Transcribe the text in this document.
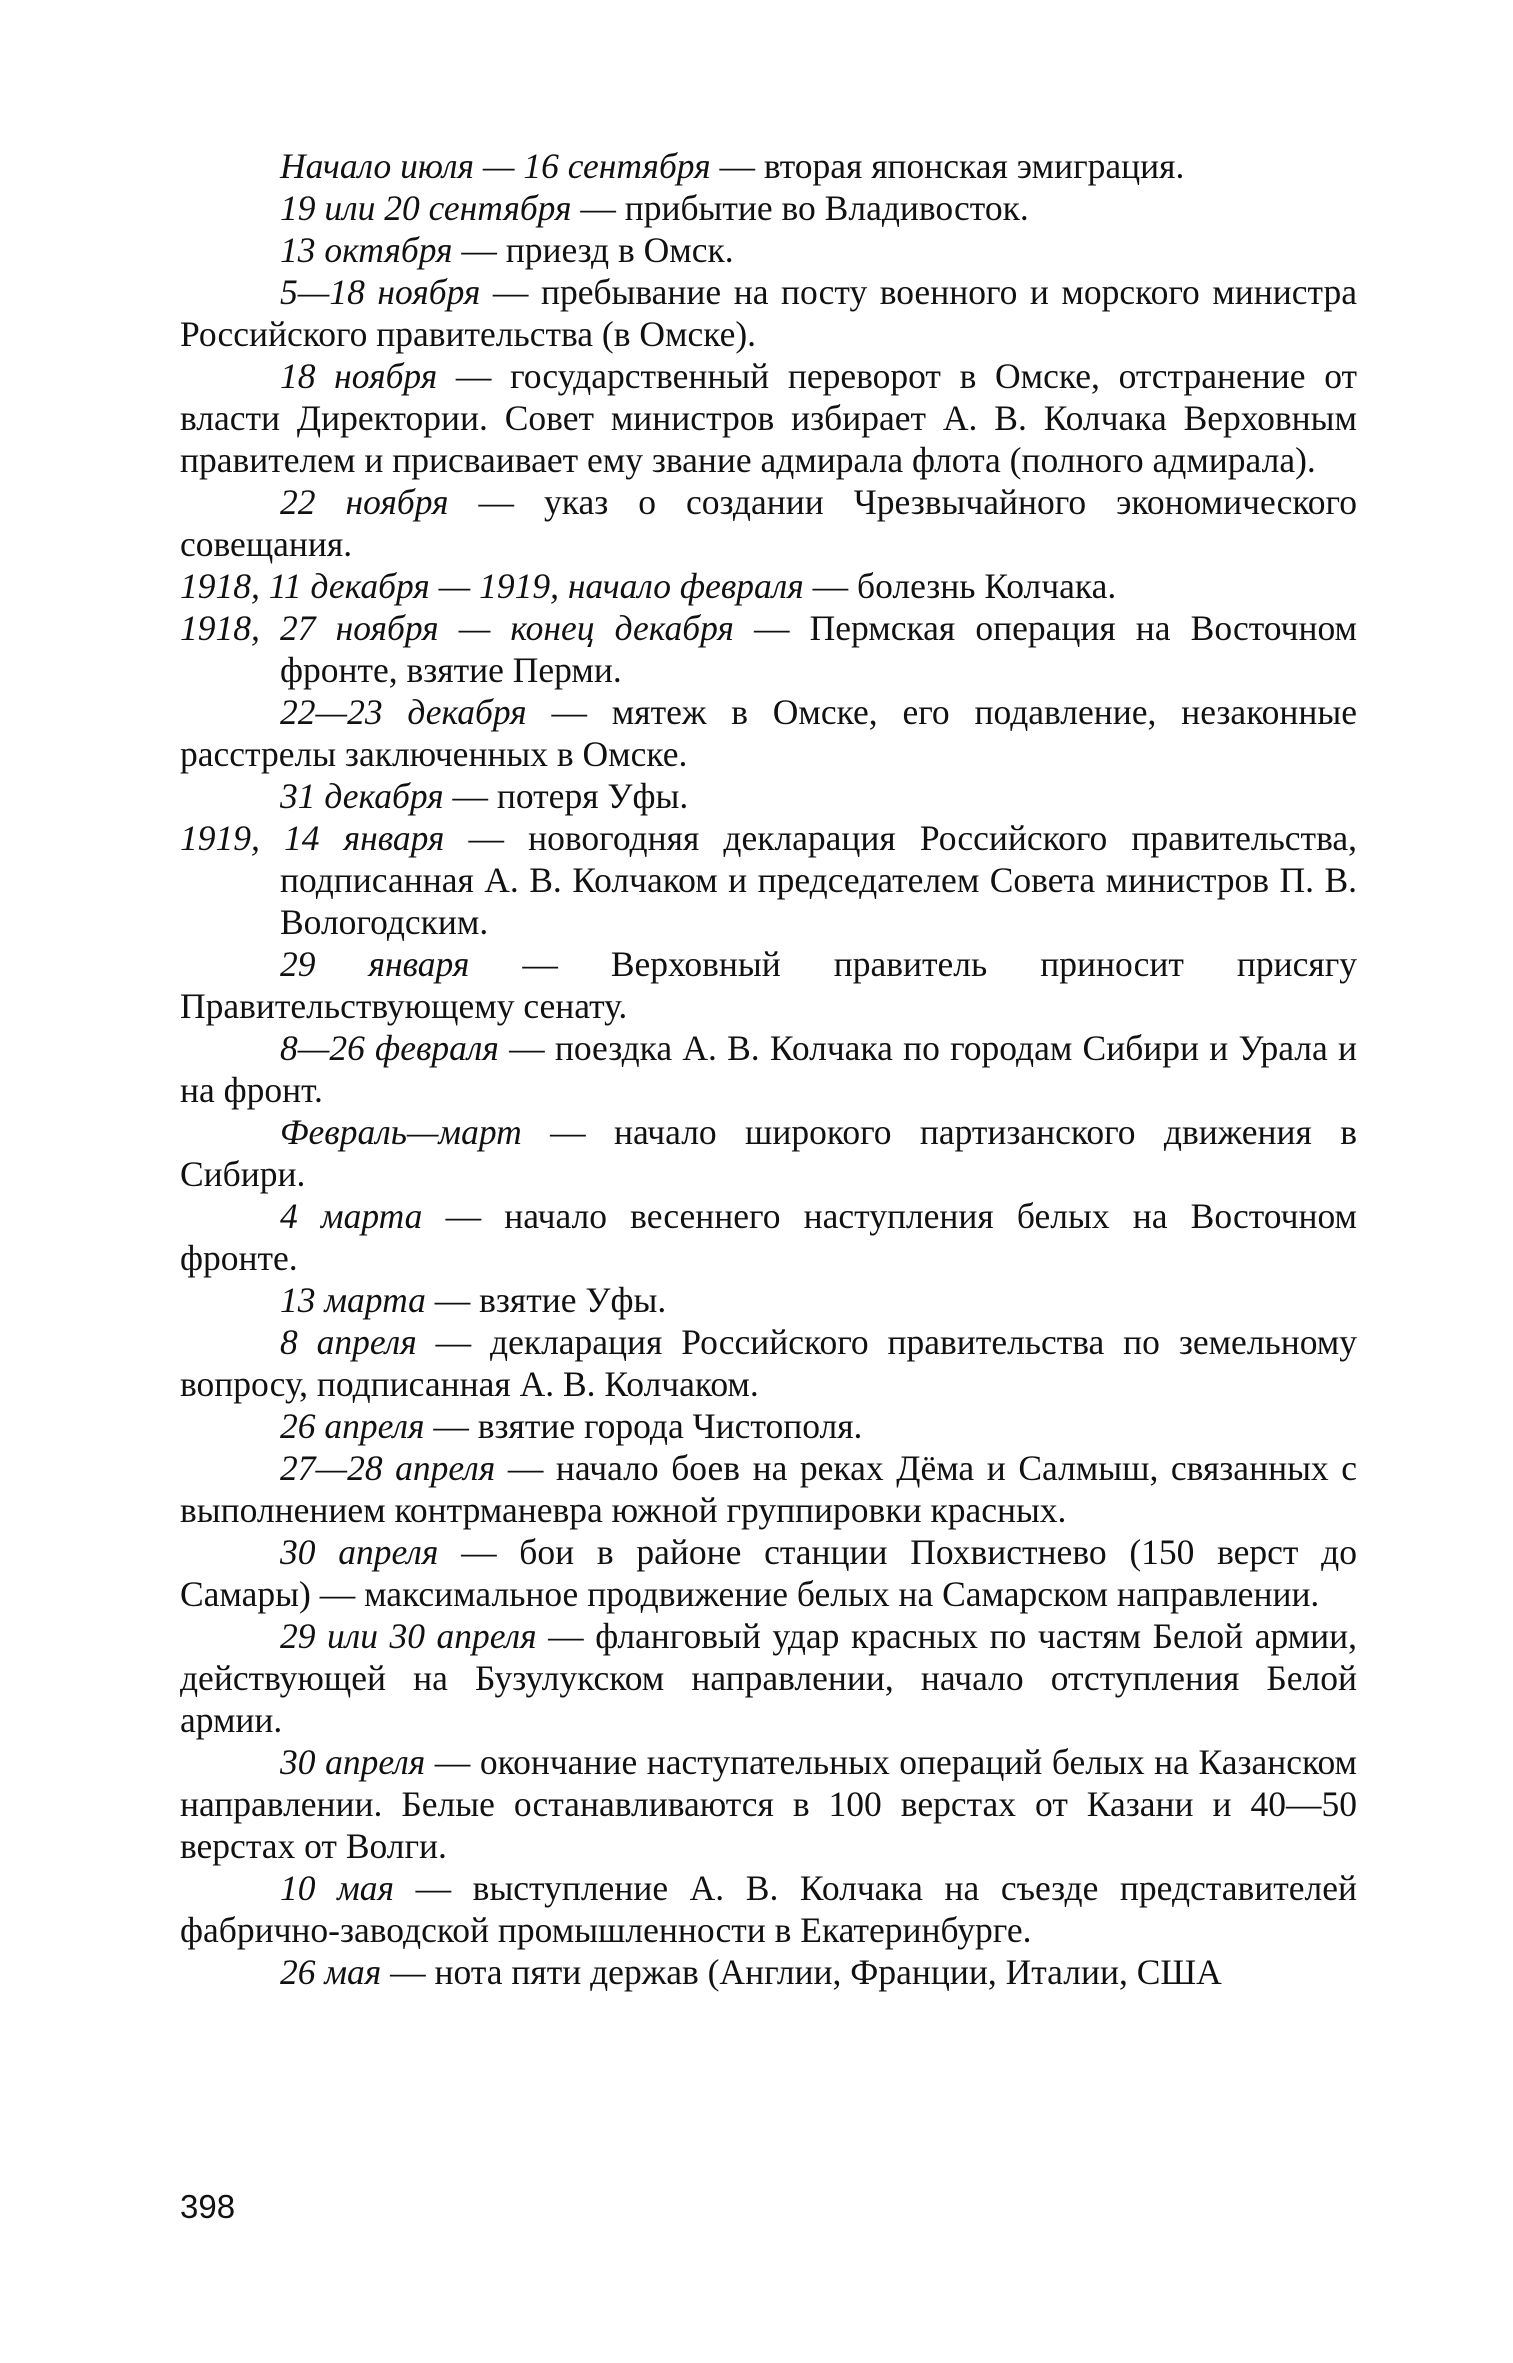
Начало июля — 16 сентября — вторая японская эмиграция.

19 или 20 сентября — прибытие во Владивосток.

13 октября — приезд в Омск.

5—18 ноября — пребывание на посту военного и морского министра Российского правительства (в Омске).

18 ноября — государственный переворот в Омске, отстранение от власти Директории. Совет министров избирает А. В. Колчака Верховным правителем и присваивает ему звание адмирала флота (полного адмирала).

22 ноября — указ о создании Чрезвычайного экономического совещания.

1918, 11 декабря — 1919, начало февраля — болезнь Колчака.

1918, 27 ноября — конец декабря — Пермская операция на Восточном фронте, взятие Перми.

22—23 декабря — мятеж в Омске, его подавление, незаконные расстрелы заключенных в Омске.

31 декабря — потеря Уфы.

1919, 14 января — новогодняя декларация Российского правительства, подписанная А. В. Колчаком и председателем Совета министров П. В. Вологодским.

29 января — Верховный правитель приносит присягу Правительствующему сенату.

8—26 февраля — поездка А. В. Колчака по городам Сибири и Урала и на фронт.

Февраль—март — начало широкого партизанского движения в Сибири.

4 марта — начало весеннего наступления белых на Восточном фронте.

13 марта — взятие Уфы.

8 апреля — декларация Российского правительства по земельному вопросу, подписанная А. В. Колчаком.

26 апреля — взятие города Чистополя.

27—28 апреля — начало боев на реках Дёма и Салмыш, связанных с выполнением контрманевра южной группировки красных.

30 апреля — бои в районе станции Похвистнево (150 верст до Самары) — максимальное продвижение белых на Самарском направлении.

29 или 30 апреля — фланговый удар красных по частям Белой армии, действующей на Бузулукском направлении, начало отступления Белой армии.

30 апреля — окончание наступательных операций белых на Казанском направлении. Белые останавливаются в 100 верстах от Казани и 40—50 верстах от Волги.

10 мая — выступление А. В. Колчака на съезде представителей фабрично-заводской промышленности в Екатеринбурге.

26 мая — нота пяти держав (Англии, Франции, Италии, США

398
